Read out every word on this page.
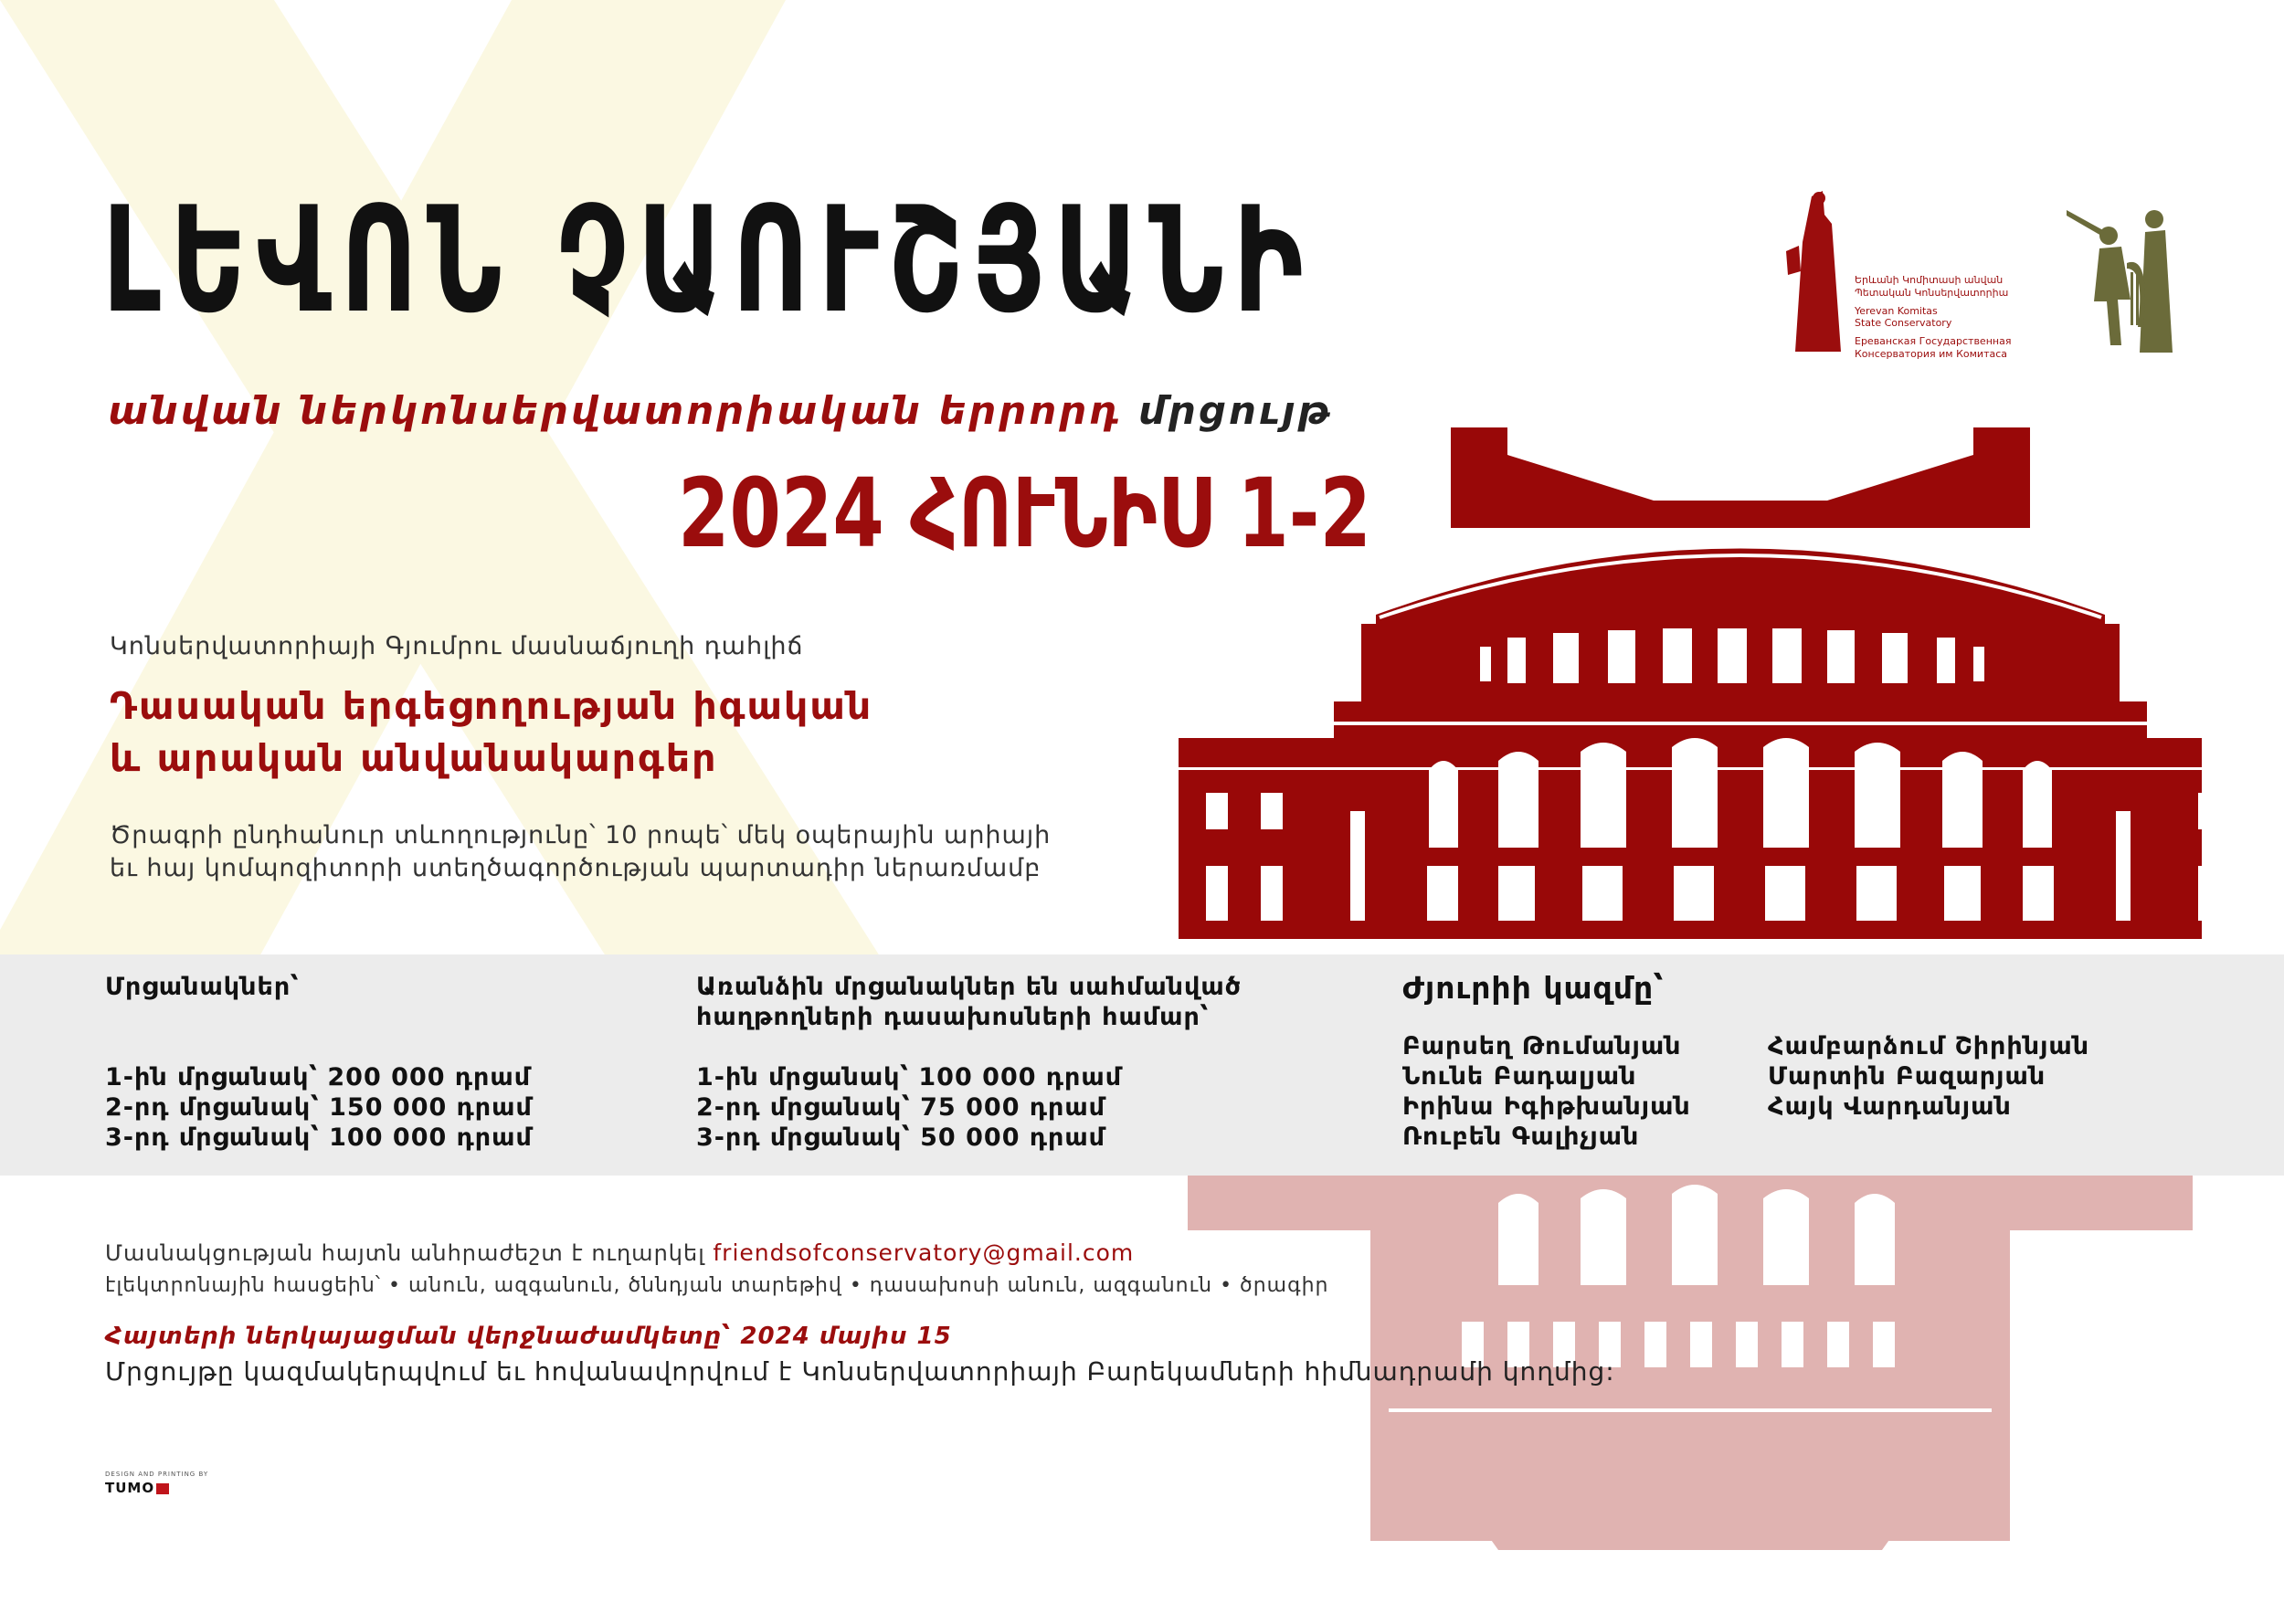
ԼԵՎՈՆ ՉԱՈՒՇՅԱՆԻ
անվան ներկոնսերվատորիական երրորդ մրցույթ
2024 ՀՈՒՆԻՍ 1-2
Երևանի Կոմիտասի անվան
Պետական Կոնսերվատորիա
Yerevan Komitas
State Conservatory
Ереванская Государственная
Консерватория им Комитаса
Կոնսերվատորիայի Գյումրու մասնաճյուղի դահլիճ
Դասական երգեցողության իգական
և արական անվանակարգեր
Ծրագրի ընդհանուր տևողությունը՝ 10 րոպե՝ մեկ օպերային արիայի
եւ հայ կոմպոզիտորի ստեղծագործության պարտադիր ներառմամբ
Մրցանակներ՝
1-ին մրցանակ՝ 200 000 դրամ
2-րդ մրցանակ՝ 150 000 դրամ
3-րդ մրցանակ՝ 100 000 դրամ
Առանձին մրցանակներ են սահմանված
հաղթողների դասախոսների համար՝
1-ին մրցանակ՝ 100 000 դրամ
2-րդ մրցանակ՝ 75 000 դրամ
3-րդ մրցանակ՝ 50 000 դրամ
Ժյուրիի կազմը՝
Բարսեղ Թումանյան
Նունե Բադալյան
Իրինա Իգիթխանյան
Ռուբեն Գալիչյան
Համբարձում Շիրինյան
Մարտին Բազարյան
Հայկ Վարդանյան
Մասնակցության հայտն անհրաժեշտ է ուղարկել friendsofconservatory@gmail.com
էլեկտրոնային հասցեին՝ • անուն, ազգանուն, ծննդյան տարեթիվ • դասախոսի անուն, ազգանուն • ծրագիր
Հայտերի ներկայացման վերջնաժամկետը՝ 2024 մայիս 15
Մրցույթը կազմակերպվում եւ հովանավորվում է Կոնսերվատորիայի Բարեկամների հիմնադրամի կողմից:
DESIGN AND PRINTING BY
TUMO
